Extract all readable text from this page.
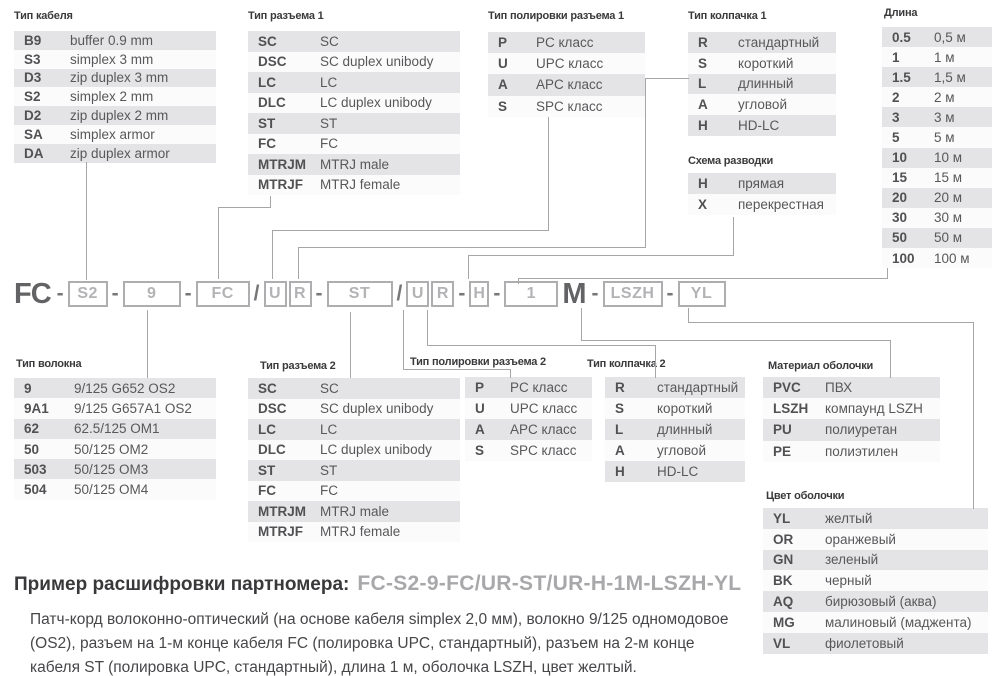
Тип кабеля	Тип разъема 1	Тип полировки разъема 1	Тип колпачка 1
Схема разводки
Длина
B9	buffer 0.9 mm
S3	simplex 3 mm
D3	zip duplex 3 mm
S2	simplex 2 mm
D2	zip duplex 2 mm
SA	simplex armor
DA	zip duplex armor
SC	SC
DSC	SC duplex unibody
LC	LC
DLC	LC duplex unibody
ST	ST
FC	FC
MTRJM	MTRJ male
MTRJF	MTRJ female
P	PC класс
U	UPC класс
A	APC класс
S	SPC класс
R	стандартный
S	короткий
L	длинный
A	угловой
H	HD-LC
H	прямая
X	перекрестная
0.5	0,5 м
1	1 м
1.5	1,5 м
2	2 м
3	3 м
5	5 м
10	10 м
15	15 м
20	20 м
30	30 м
50	50 м
100	100 м
Тип волокна	Тип разъема 2	Тип полировки разъема 2	Тип колпачка 2	Материал оболочки
Цвет оболочки
9	9/125 G652 OS2
9A1	9/125 G657A1 OS2
62	62.5/125 OM1
50	50/125 OM2
503	50/125 OM3
504	50/125 OM4
SC	SC
DSC	SC duplex unibody
LC	LC
DLC	LC duplex unibody
ST	ST
FC	FC
MTRJM	MTRJ male
MTRJF	MTRJ female
P	PC класс
U	UPC класс
A	APC класс
S	SPC класс
R	стандартный
S	короткий
L	длинный
A	угловой
H	HD-LC
PVC	ПВХ
LSZH	компаунд LSZH
PU	полиуретан
PE	полиэтилен
YL	желтый
OR	оранжевый
GN	зеленый
BK	черный
AQ	бирюзовый (аква)
MG	малиновый (маджента)
VL	фиолетовый
FC - S2 -	9	-	FC / U R -	ST	/ U R - H -	1 M - LSZH -	YL
Пример расшифровки партномера: FC-S2-9-FC/UR-ST/UR-H-1M-LSZH-YL
Патч-корд волоконно-оптический (на основе кабеля simplex 2,0 мм), волокно 9/125 одномодовое (OS2), разъем на 1-м конце кабеля FC (полировка UPC, стандартный), разъем на 2-м конце кабеля ST (полировка UPC, стандартный), длина 1 м, оболочка LSZH, цвет желтый.
